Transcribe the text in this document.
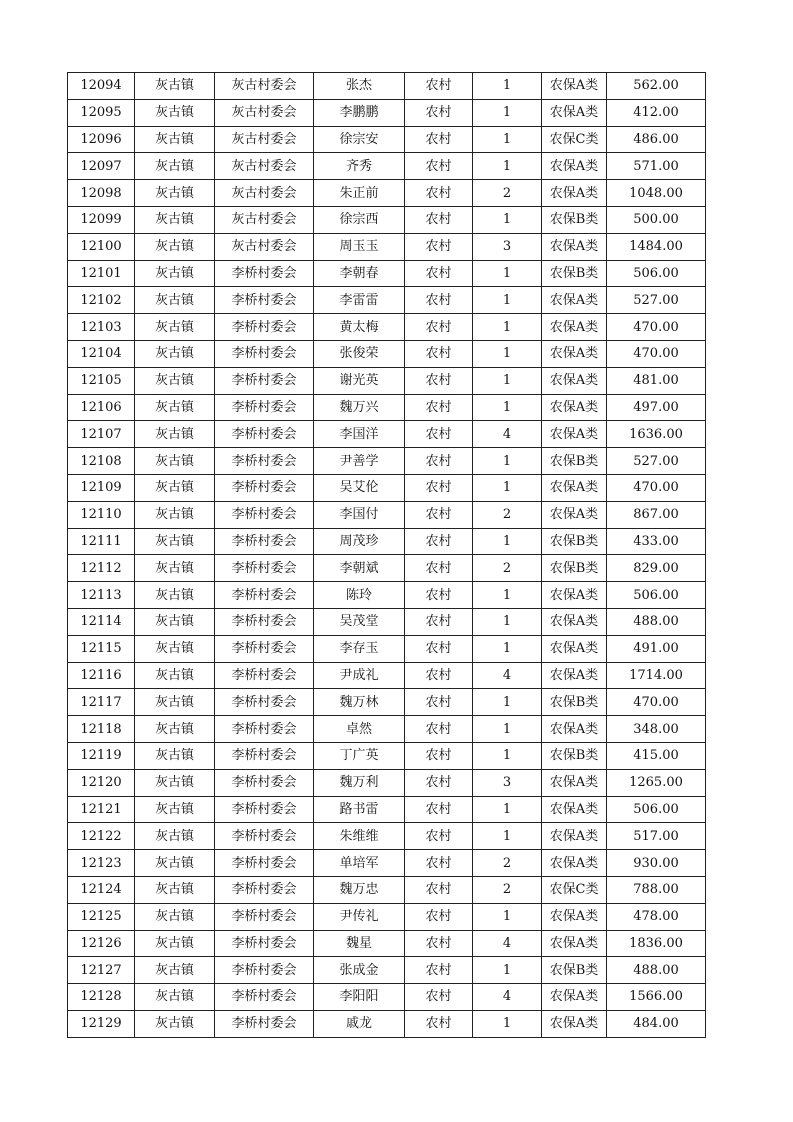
12094	灰古镇	灰古村委会	张杰	农村	1	农保A类	562.00
12095	灰古镇	灰古村委会	李鹏鹏	农村	1	农保A类	412.00
12096	灰古镇	灰古村委会	徐宗安	农村	1	农保C类	486.00
12097	灰古镇	灰古村委会	齐秀	农村	1	农保A类	571.00
12098	灰古镇	灰古村委会	朱正前	农村	2	农保A类	1048.00
12099	灰古镇	灰古村委会	徐宗西	农村	1	农保B类	500.00
12100	灰古镇	灰古村委会	周玉玉	农村	3	农保A类	1484.00
12101	灰古镇	李桥村委会	李朝春	农村	1	农保B类	506.00
12102	灰古镇	李桥村委会	李雷雷	农村	1	农保A类	527.00
12103	灰古镇	李桥村委会	黄太梅	农村	1	农保A类	470.00
12104	灰古镇	李桥村委会	张俊荣	农村	1	农保A类	470.00
12105	灰古镇	李桥村委会	谢光英	农村	1	农保A类	481.00
12106	灰古镇	李桥村委会	魏万兴	农村	1	农保A类	497.00
12107	灰古镇	李桥村委会	李国洋	农村	4	农保A类	1636.00
12108	灰古镇	李桥村委会	尹善学	农村	1	农保B类	527.00
12109	灰古镇	李桥村委会	吴艾伦	农村	1	农保A类	470.00
12110	灰古镇	李桥村委会	李国付	农村	2	农保A类	867.00
12111	灰古镇	李桥村委会	周茂珍	农村	1	农保B类	433.00
12112	灰古镇	李桥村委会	李朝斌	农村	2	农保B类	829.00
12113	灰古镇	李桥村委会	陈玲	农村	1	农保A类	506.00
12114	灰古镇	李桥村委会	吴茂堂	农村	1	农保A类	488.00
12115	灰古镇	李桥村委会	李存玉	农村	1	农保A类	491.00
12116	灰古镇	李桥村委会	尹成礼	农村	4	农保A类	1714.00
12117	灰古镇	李桥村委会	魏万林	农村	1	农保B类	470.00
12118	灰古镇	李桥村委会	卓然	农村	1	农保A类	348.00
12119	灰古镇	李桥村委会	丁广英	农村	1	农保B类	415.00
12120	灰古镇	李桥村委会	魏万利	农村	3	农保A类	1265.00
12121	灰古镇	李桥村委会	路书雷	农村	1	农保A类	506.00
12122	灰古镇	李桥村委会	朱维维	农村	1	农保A类	517.00
12123	灰古镇	李桥村委会	单培军	农村	2	农保A类	930.00
12124	灰古镇	李桥村委会	魏万忠	农村	2	农保C类	788.00
12125	灰古镇	李桥村委会	尹传礼	农村	1	农保A类	478.00
12126	灰古镇	李桥村委会	魏星	农村	4	农保A类	1836.00
12127	灰古镇	李桥村委会	张成金	农村	1	农保B类	488.00
12128	灰古镇	李桥村委会	李阳阳	农村	4	农保A类	1566.00
12129	灰古镇	李桥村委会	戚龙	农村	1	农保A类	484.00
